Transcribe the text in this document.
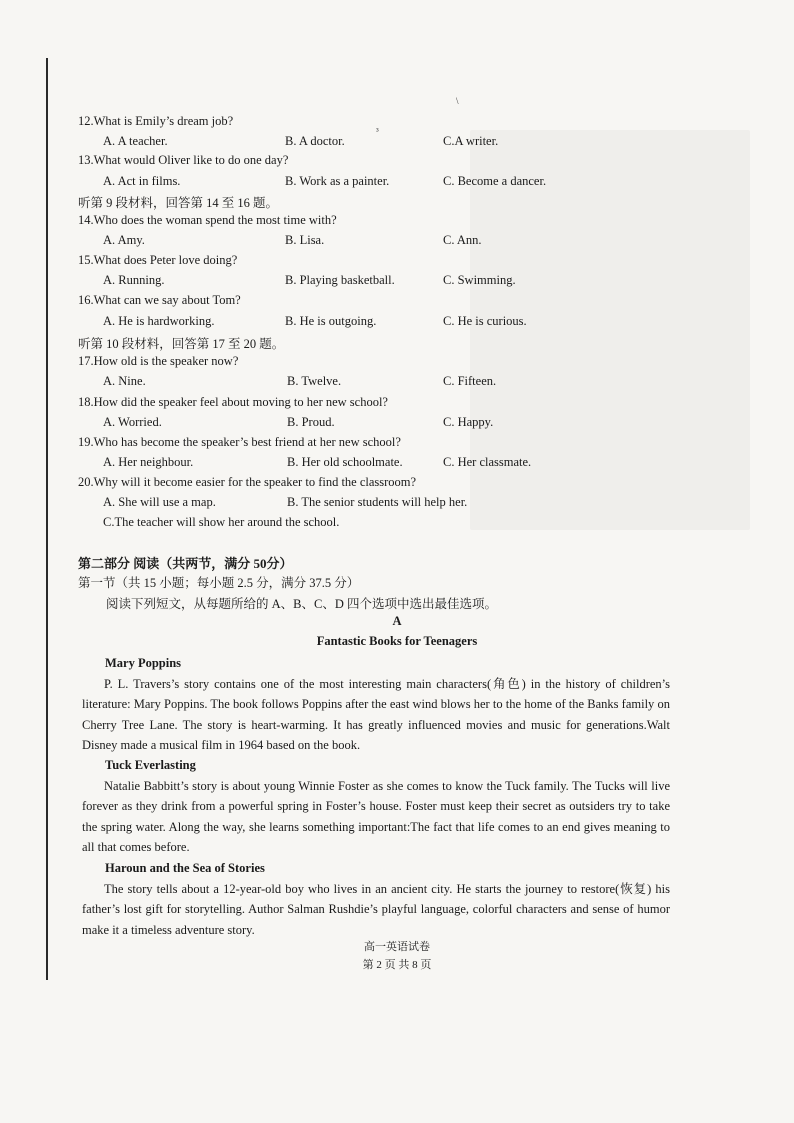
\
³
12.What is Emily’s dream job?
A. A teacher.	B. A doctor.	C.A writer.
13.What would Oliver like to do one day?
A. Act in films.	B. Work as a painter.	C. Become a dancer.
听第 9 段材料，回答第 14 至 16 题。
14.Who does the woman spend the most time with?
A. Amy.	B. Lisa.	C. Ann.
15.What does Peter love doing?
A. Running.	B. Playing basketball.	C. Swimming.
16.What can we say about Tom?
A. He is hardworking.	B. He is outgoing.	C. He is curious.
听第 10 段材料，回答第 17 至 20 题。
17.How old is the speaker now?
A. Nine.	B. Twelve.	C. Fifteen.
18.How did the speaker feel about moving to her new school?
A. Worried.	B. Proud.	C. Happy.
19.Who has become the speaker’s best friend at her new school?
A. Her neighbour.	B. Her old schoolmate.	C. Her classmate.
20.Why will it become easier for the speaker to find the classroom?
A. She will use a map.	B. The senior students will help her.
C.The teacher will show her around the school.
第二部分 阅读（共两节，满分 50分）
第一节（共 15 小题；每小题 2.5 分，满分 37.5 分）
阅读下列短文，从每题所给的 A、B、C、D 四个选项中选出最佳选项。
A
Fantastic Books for Teenagers
Mary Poppins
P. L. Travers’s story contains one of the most interesting main characters(角色) in the history of children’s literature: Mary Poppins. The book follows Poppins after the east wind blows her to the home of the Banks family on Cherry Tree Lane. The story is heart-warming. It has greatly influenced movies and music for generations.Walt Disney made a musical film in 1964 based on the book.
Tuck Everlasting
Natalie Babbitt’s story is about young Winnie Foster as she comes to know the Tuck family. The Tucks will live forever as they drink from a powerful spring in Foster’s house. Foster must keep their secret as outsiders try to take the spring water. Along the way, she learns something important:The fact that life comes to an end gives meaning to all that comes before.
Haroun and the Sea of Stories
The story tells about a 12-year-old boy who lives in an ancient city. He starts the journey to restore(恢复) his father’s lost gift for storytelling. Author Salman Rushdie’s playful language, colorful characters and sense of humor make it a timeless adventure story.
高一英语试卷
第 2 页 共 8 页
